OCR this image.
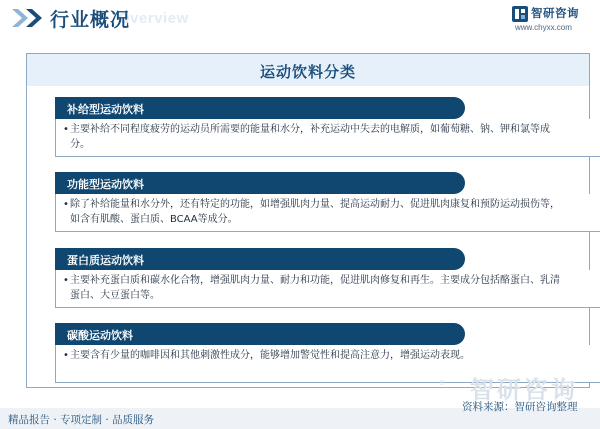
Overview
行业概况	智研咨询
www.chyxx.com
运动饮料分类
补给型运动饮料
• 主要补给不同程度疲劳的运动员所需要的能量和水分，补充运动中失去的电解质，如葡萄糖、钠、钾和氯等成分。
功能型运动饮料
• 除了补给能量和水分外，还有特定的功能，如增强肌肉力量、提高运动耐力、促进肌肉康复和预防运动损伤等，如含有肌酸、蛋白质、BCAA等成分。
蛋白质运动饮料
• 主要补充蛋白质和碳水化合物，增强肌肉力量、耐力和功能，促进肌肉修复和再生。主要成分包括酪蛋白、乳清蛋白、大豆蛋白等。
碳酸运动饮料
• 主要含有少量的咖啡因和其他刺激性成分，能够增加警觉性和提高注意力，增强运动表现。
智研咨询
精品报告 · 专项定制 · 品质服务
资料来源：智研咨询整理
